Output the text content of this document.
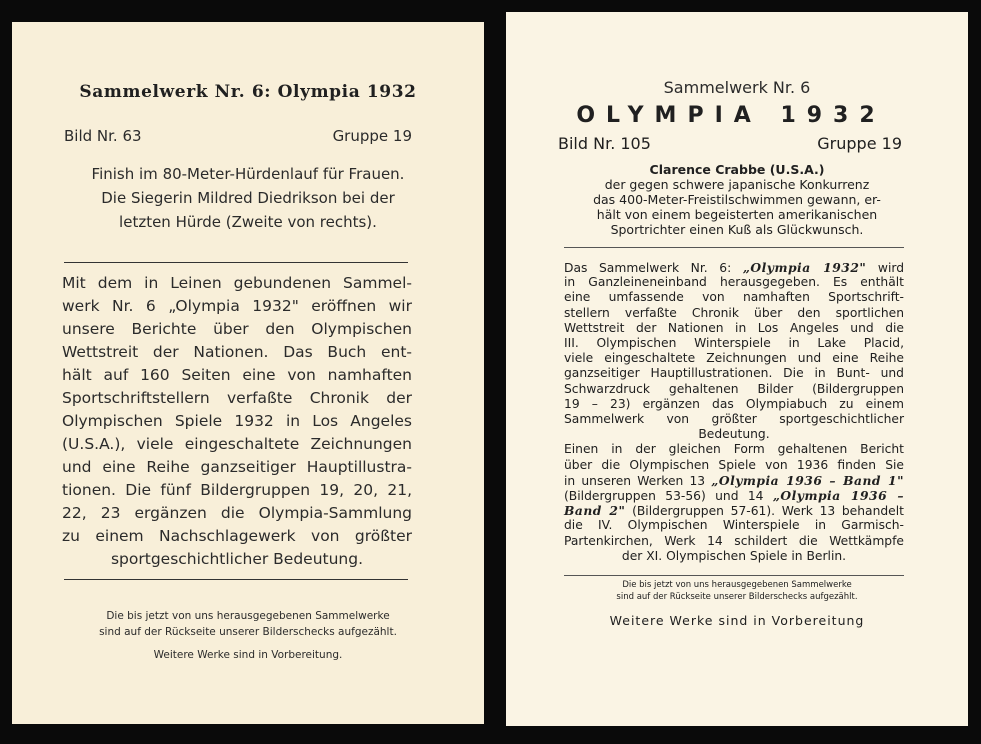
Sammelwerk Nr. 6: Olympia 1932
Bild Nr. 63	Gruppe 19
Finish im 80-Meter-Hürdenlauf für Frauen.
Die Siegerin Mildred Diedrikson bei der
letzten Hürde (Zweite von rechts).
Mit dem in Leinen gebundenen Sammel-
werk Nr. 6 „Olympia 1932" eröffnen wir
unsere Berichte über den Olympischen
Wettstreit der Nationen. Das Buch ent-
hält auf 160 Seiten eine von namhaften
Sportschriftstellern verfaßte Chronik der
Olympischen Spiele 1932 in Los Angeles
(U.S.A.), viele eingeschaltete Zeichnungen
und eine Reihe ganzseitiger Hauptillustra-
tionen. Die fünf Bildergruppen 19, 20, 21,
22, 23 ergänzen die Olympia-Sammlung
zu einem Nachschlagewerk von größter
sportgeschichtlicher Bedeutung.
Die bis jetzt von uns herausgegebenen Sammelwerke
sind auf der Rückseite unserer Bilderschecks aufgezählt.
Weitere Werke sind in Vorbereitung.
Sammelwerk Nr. 6
OLYMPIA 1932
Bild Nr. 105	Gruppe 19
Clarence Crabbe (U.S.A.)
der gegen schwere japanische Konkurrenz
das 400-Meter-Freistilschwimmen gewann, er-
hält von einem begeisterten amerikanischen
Sportrichter einen Kuß als Glückwunsch.
Das Sammelwerk Nr. 6: „Olympia 1932" wird
in Ganzleineneinband herausgegeben. Es enthält
eine umfassende von namhaften Sportschrift-
stellern verfaßte Chronik über den sportlichen
Wettstreit der Nationen in Los Angeles und die
III. Olympischen Winterspiele in Lake Placid,
viele eingeschaltete Zeichnungen und eine Reihe
ganzseitiger Hauptillustrationen. Die in Bunt- und
Schwarzdruck gehaltenen Bilder (Bildergruppen
19 – 23) ergänzen das Olympiabuch zu einem
Sammelwerk von größter sportgeschichtlicher
Bedeutung.
Einen in der gleichen Form gehaltenen Bericht
über die Olympischen Spiele von 1936 finden Sie
in unseren Werken 13 „Olympia 1936 – Band 1"
(Bildergruppen 53-56) und 14 „Olympia 1936 –
Band 2" (Bildergruppen 57-61). Werk 13 behandelt
die IV. Olympischen Winterspiele in Garmisch-
Partenkirchen, Werk 14 schildert die Wettkämpfe
der XI. Olympischen Spiele in Berlin.
Die bis jetzt von uns herausgegebenen Sammelwerke
sind auf der Rückseite unserer Bilderschecks aufgezählt.
Weitere Werke sind in Vorbereitung
